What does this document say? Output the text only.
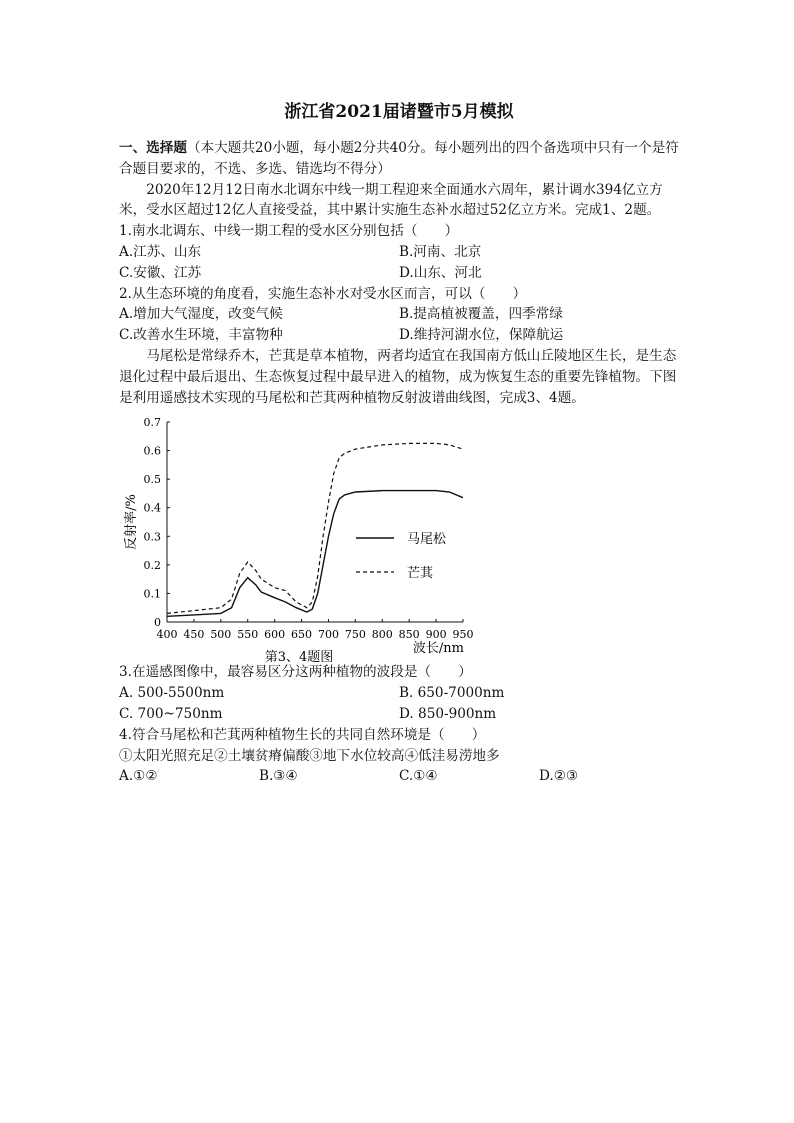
浙江省2021届诸暨市5月模拟

一、选择题（本大题共20小题，每小题2分共40分。每小题列出的四个备选项中只有一个是符合题目要求的，不选、多选、错选均不得分）

2020年12月12日南水北调东中线一期工程迎来全面通水六周年，累计调水394亿立方米，受水区超过12亿人直接受益，其中累计实施生态补水超过52亿立方米。完成1、2题。

1.南水北调东、中线一期工程的受水区分别包括（　　）

A.江苏、山东	B.河南、北京
C.安徽、江苏	D.山东、河北

2.从生态环境的角度看，实施生态补水对受水区而言，可以（　　）

A.增加大气湿度，改变气候	B.提高植被覆盖，四季常绿
C.改善水生环境，丰富物种	D.维持河湖水位，保障航运

马尾松是常绿乔木，芒萁是草本植物，两者均适宜在我国南方低山丘陵地区生长，是生态退化过程中最后退出、生态恢复过程中最早进入的植物，成为恢复生态的重要先锋植物。下图是利用遥感技术实现的马尾松和芒萁两种植物反射波谱曲线图，完成3、4题。

400 450 500 550 600 650 700 750 800 850 900 950
0
0.1
0.2
0.3
0.4
0.5
0.6
0.7
反射率/%
波长/nm
第3、4题图
马尾松
芒萁

3.在遥感图像中，最容易区分这两种植物的波段是（　　）

A. 500-5500nm	B. 650-7000nm
C. 700~750nm	D. 850-900nm

4.符合马尾松和芒萁两种植物生长的共同自然环境是（　　）

①太阳光照充足②土壤贫瘠偏酸③地下水位较高④低洼易涝地多

A.①②	B.③④	C.①④	D.②③
